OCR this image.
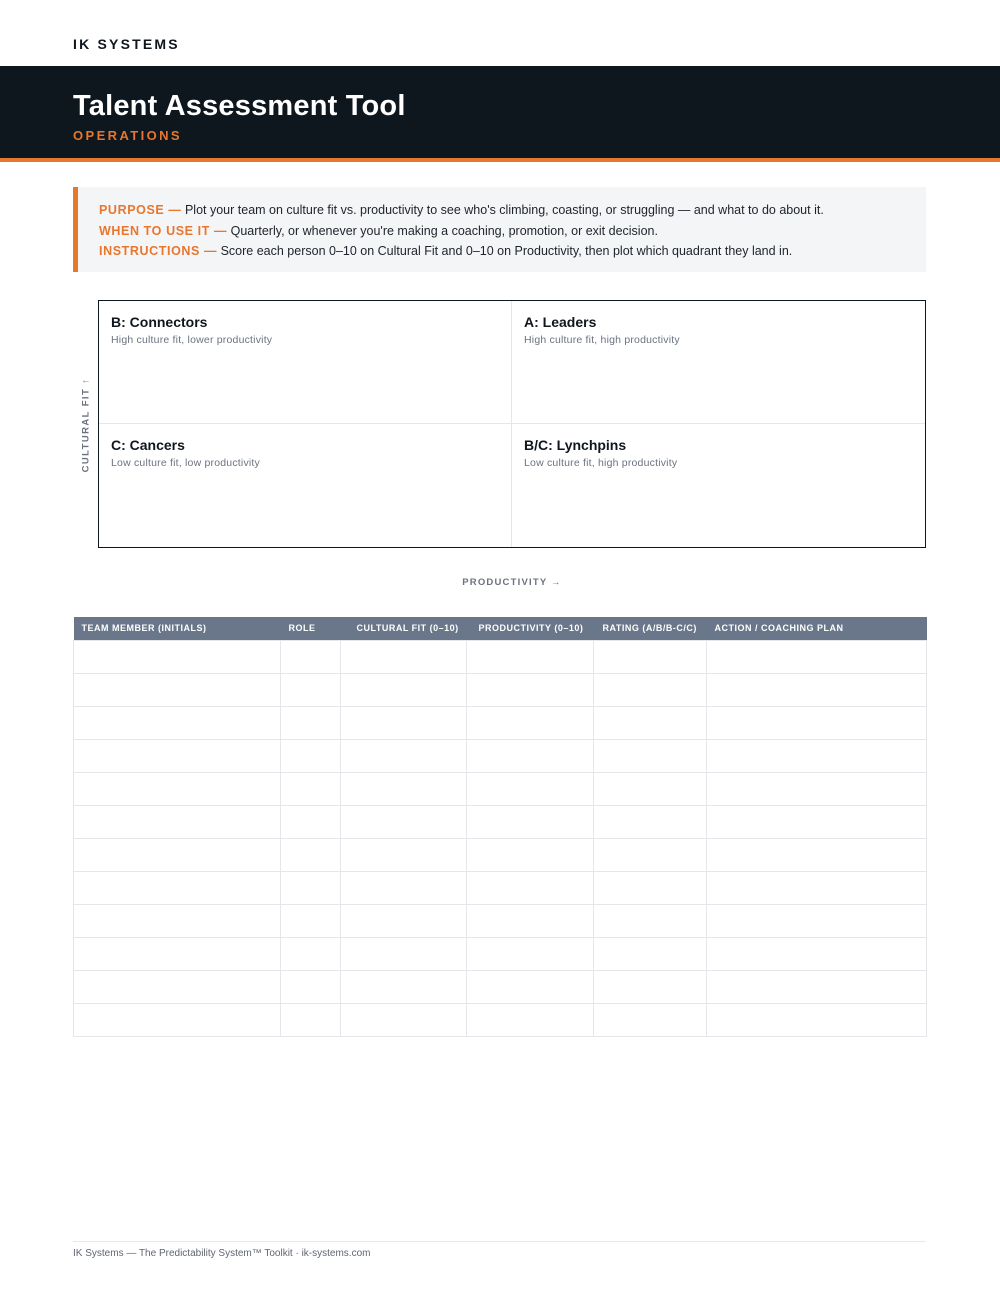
IK SYSTEMS
Talent Assessment Tool
OPERATIONS
PURPOSE — Plot your team on culture fit vs. productivity to see who's climbing, coasting, or struggling — and what to do about it.
WHEN TO USE IT — Quarterly, or whenever you're making a coaching, promotion, or exit decision.
INSTRUCTIONS — Score each person 0–10 on Cultural Fit and 0–10 on Productivity, then plot which quadrant they land in.
CULTURAL FIT ↑
B: Connectors
High culture fit, lower productivity
A: Leaders
High culture fit, high productivity
C: Cancers
Low culture fit, low productivity
B/C: Lynchpins
Low culture fit, high productivity
PRODUCTIVITY →
TEAM MEMBER (INITIALS)	ROLE	CULTURAL FIT (0–10)	PRODUCTIVITY (0–10)	RATING (A/B/B-C/C)	ACTION / COACHING PLAN

IK Systems — The Predictability System™ Toolkit · ik-systems.com
